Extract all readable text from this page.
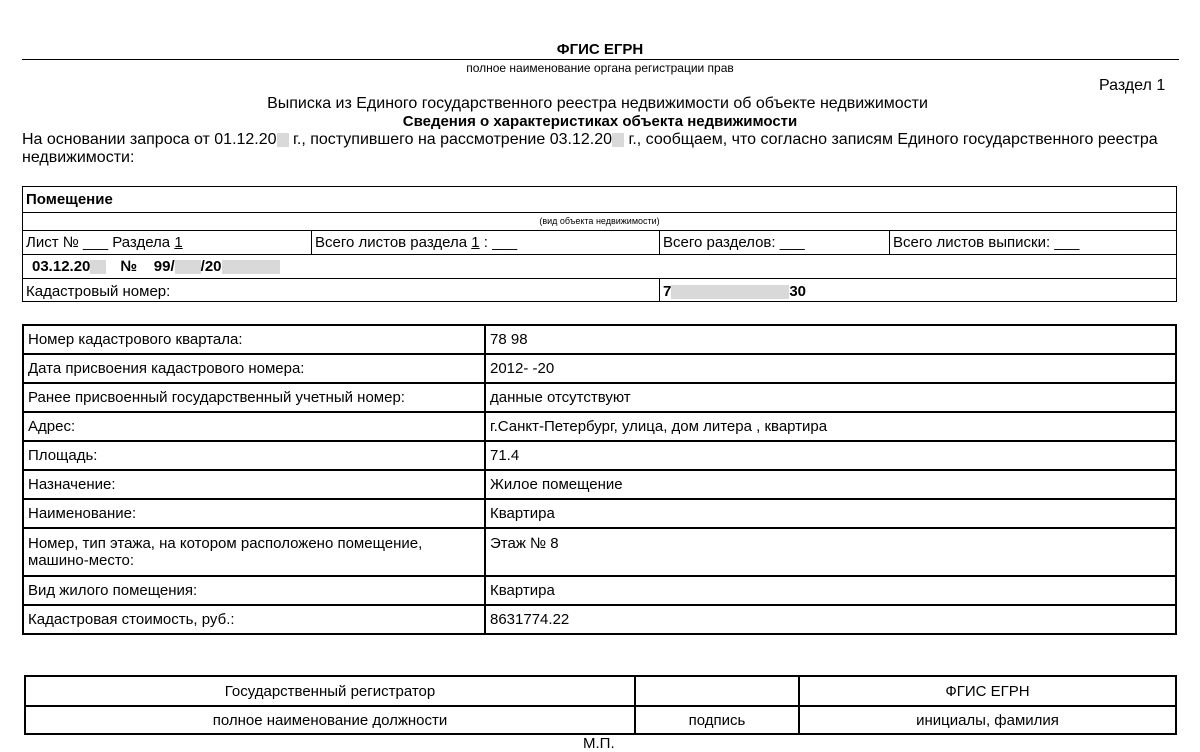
ФГИС ЕГРН
полное наименование органа регистрации прав
Раздел 1
Выписка из Единого государственного реестра недвижимости об объекте недвижимости
Сведения о характеристиках объекта недвижимости
На основании запроса от 01.12.20 г., поступившего на рассмотрение 03.12.20 г., сообщаем, что согласно записям Единого государственного реестра
недвижимости:
Помещение
(вид объекта недвижимости)
Лист № ___ Раздела 1	Всего листов раздела 1 : ___	Всего разделов: ___	Всего листов выписки: ___
03.12.20 № 99/ /20
Кадастровый номер:	7	30
Номер кадастрового квартала:	78 98
Дата присвоения кадастрового номера:	2012- -20
Ранее присвоенный государственный учетный номер:	данные отсутствуют
Адрес:	г.Санкт-Петербург, улица, дом литера , квартира
Площадь:	71.4
Назначение:	Жилое помещение
Наименование:	Квартира
Номер, тип этажа, на котором расположено помещение, машино-место:	Этаж № 8
Вид жилого помещения:	Квартира
Кадастровая стоимость, руб.:	8631774.22
Государственный регистратор		ФГИС ЕГРН
полное наименование должности	подпись	инициалы, фамилия
М.П.
